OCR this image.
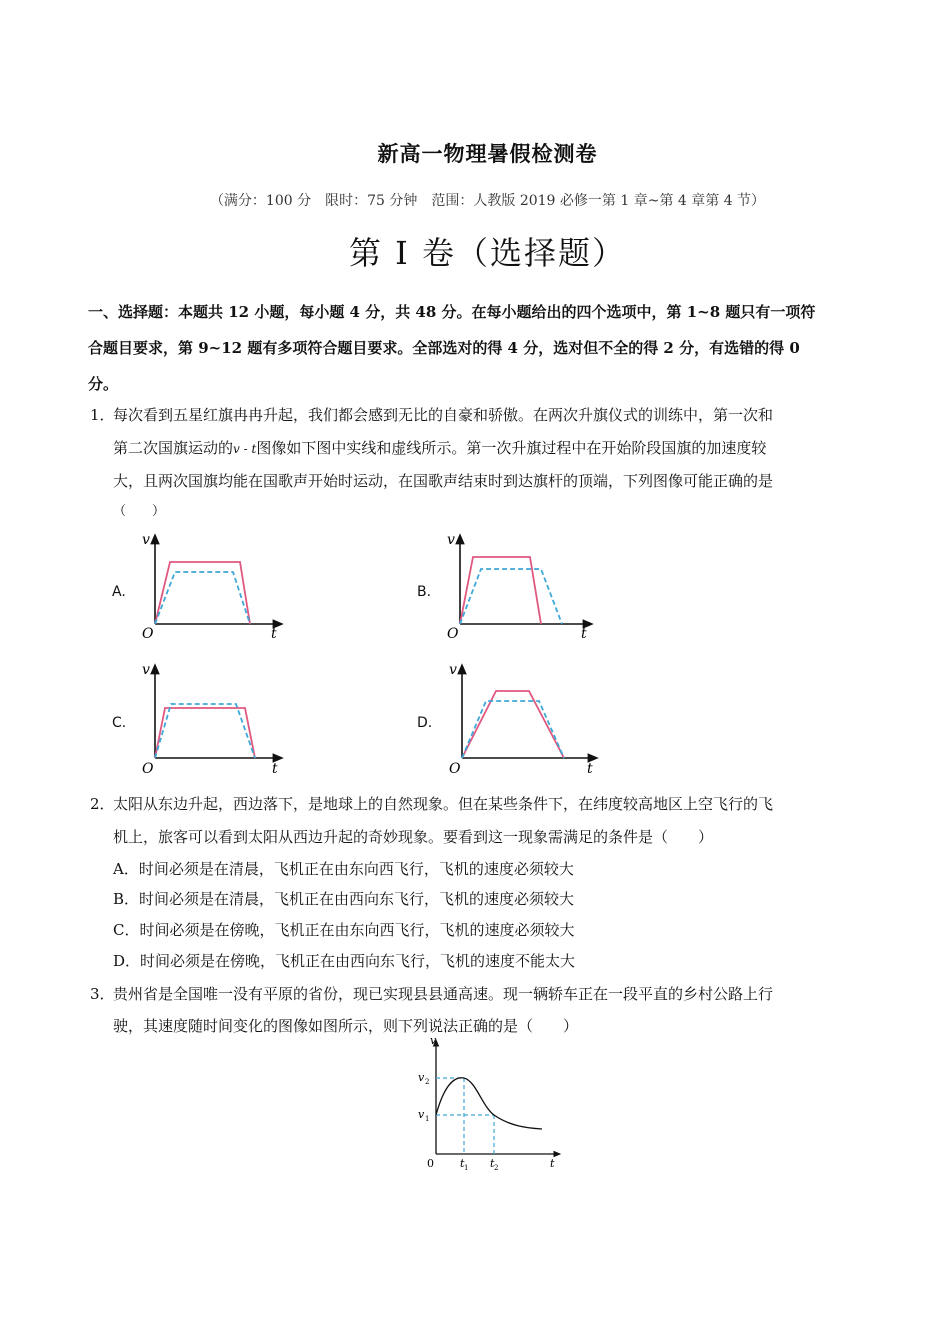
新高一物理暑假检测卷
（满分：100 分　限时：75 分钟　范围：人教版 2019 必修一第 1 章~第 4 章第 4 节）
第 I 卷（选择题）
一、选择题：本题共 12 小题，每小题 4 分，共 48 分。在每小题给出的四个选项中，第 1~8 题只有一项符
合题目要求，第 9~12 题有多项符合题目要求。全部选对的得 4 分，选对但不全的得 2 分，有选错的得 0
分。
1．
每次看到五星红旗冉冉升起，我们都会感到无比的自豪和骄傲。在两次升旗仪式的训练中，第一次和
第二次国旗运动的v - t图像如下图中实线和虚线所示。第一次升旗过程中在开始阶段国旗的加速度较
大，且两次国旗均能在国歌声开始时运动，在国歌声结束时到达旗杆的顶端，下列图像可能正确的是
（　　）
A.	B.
C.	D.
v
t
O
v
t
O
v
t
O
v
t
O
2．
太阳从东边升起，西边落下，是地球上的自然现象。但在某些条件下，在纬度较高地区上空飞行的飞
机上，旅客可以看到太阳从西边升起的奇妙现象。要看到这一现象需满足的条件是（　　）
A．时间必须是在清晨，飞机正在由东向西飞行，飞机的速度必须较大
B．时间必须是在清晨，飞机正在由西向东飞行，飞机的速度必须较大
C．时间必须是在傍晚，飞机正在由东向西飞行，飞机的速度必须较大
D．时间必须是在傍晚，飞机正在由西向东飞行，飞机的速度不能太大
3．
贵州省是全国唯一没有平原的省份，现已实现县县通高速。现一辆轿车正在一段平直的乡村公路上行
驶，其速度随时间变化的图像如图所示，则下列说法正确的是（　　）
v
v 2
v 1
0 t 1 t 2	t
